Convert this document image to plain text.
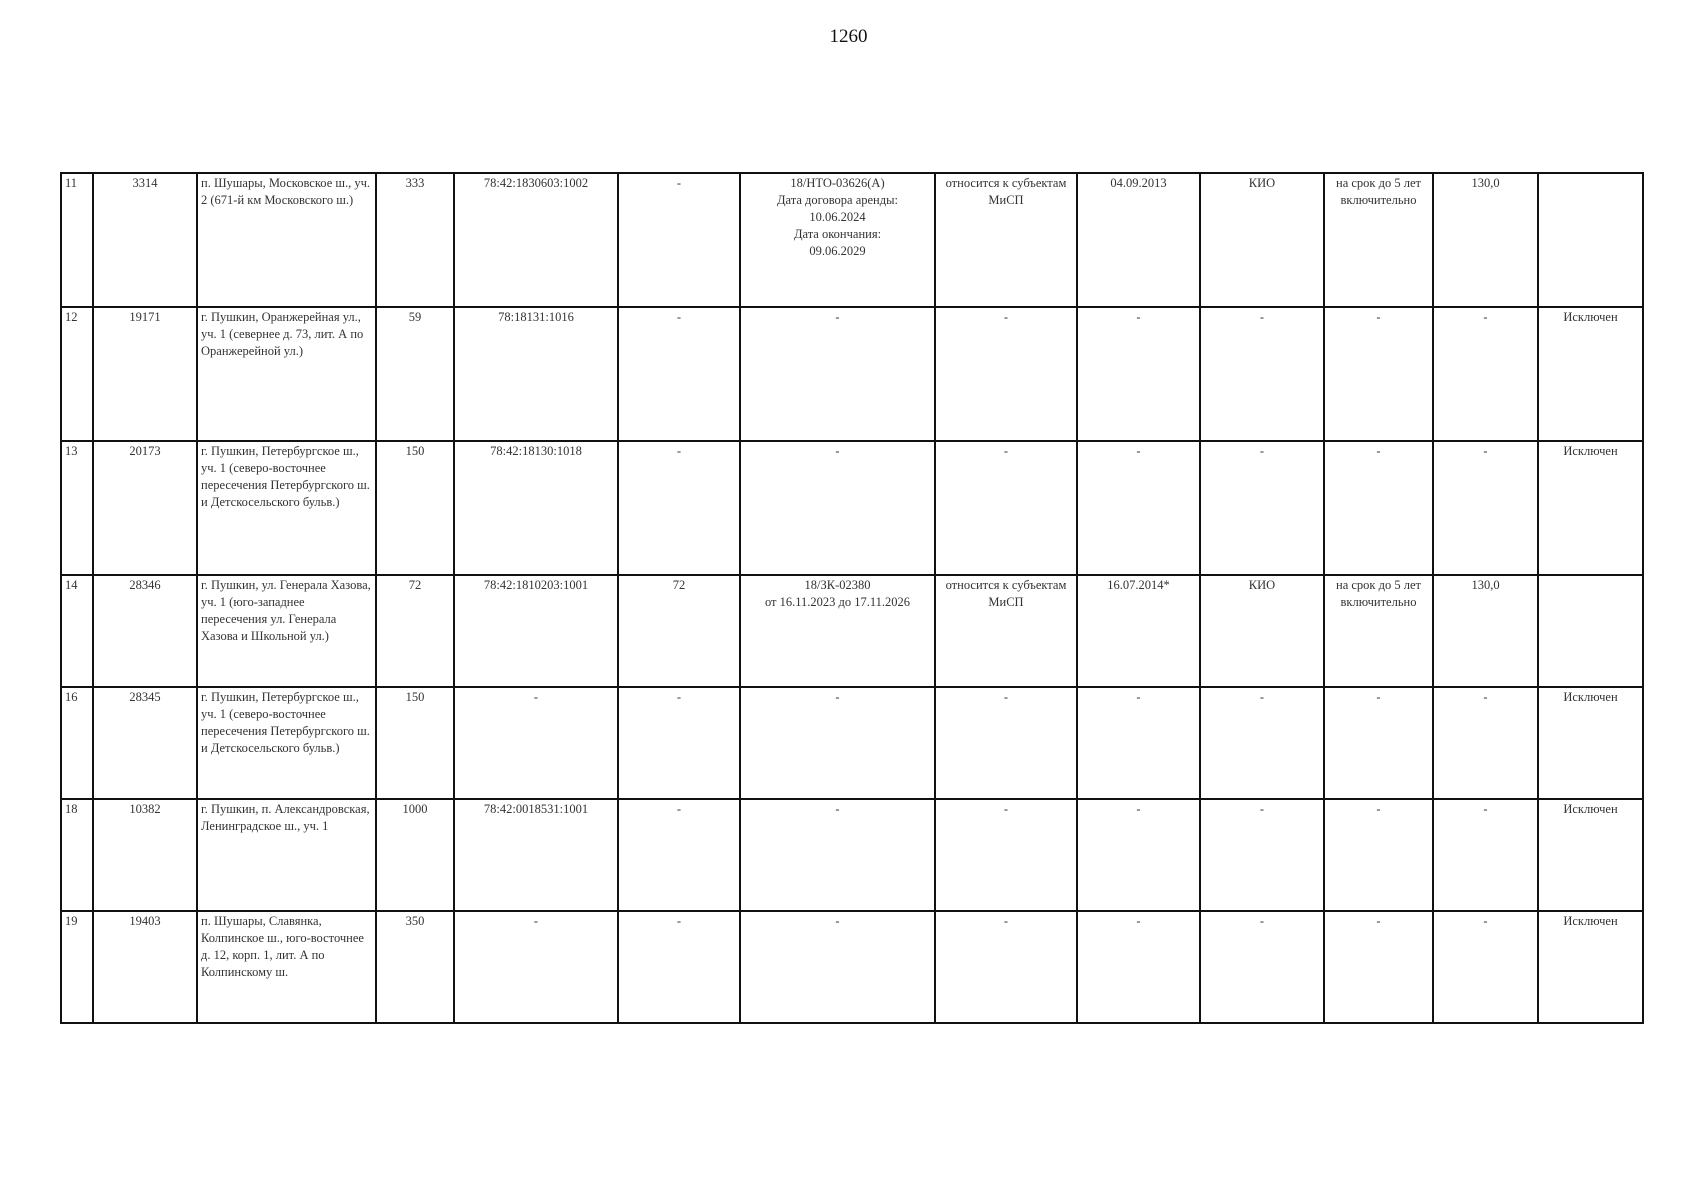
1260
11	3314	п. Шушары, Московское ш., уч. 2 (671-й км Московского ш.)	333	78:42:1830603:1002	-	18/НТО-03626(А)
Дата договора аренды:
10.06.2024
Дата окончания:
09.06.2029	относится к субъектам МиСП	04.09.2013	КИО	на срок до 5 лет включительно	130,0	
12	19171	г. Пушкин, Оранжерейная ул., уч. 1 (севернее д. 73, лит. А по Оранжерейной ул.)	59	78:18131:1016	-	-	-	-	-	-	-	Исключен
13	20173	г. Пушкин, Петербургское ш., уч. 1 (северо-восточнее пересечения Петербургского ш. и Детскосельского бульв.)	150	78:42:18130:1018	-	-	-	-	-	-	-	Исключен
14	28346	г. Пушкин, ул. Генерала Хазова, уч. 1 (юго-западнее пересечения ул. Генерала Хазова и Школьной ул.)	72	78:42:1810203:1001	72	18/ЗК-02380
от 16.11.2023 до 17.11.2026	относится к субъектам МиСП	16.07.2014*	КИО	на срок до 5 лет включительно	130,0	
16	28345	г. Пушкин, Петербургское ш., уч. 1 (северо-восточнее пересечения Петербургского ш. и Детскосельского бульв.)	150	-	-	-	-	-	-	-	-	Исключен
18	10382	г. Пушкин, п. Александровская, Ленинградское ш., уч. 1	1000	78:42:0018531:1001	-	-	-	-	-	-	-	Исключен
19	19403	п. Шушары, Славянка, Колпинское ш., юго-восточнее д. 12, корп. 1, лит. А по Колпинскому ш.	350	-	-	-	-	-	-	-	-	Исключен
